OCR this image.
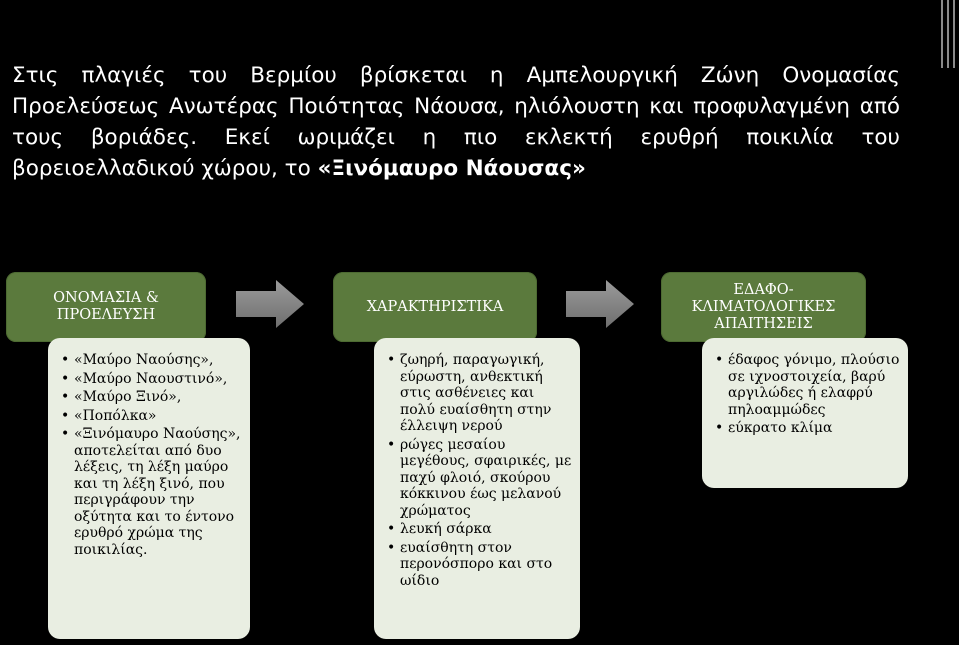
Στις πλαγιές του Βερμίου βρίσκεται η Αμπελουργική Ζώνη Ονομασίας Προελεύσεως Ανωτέρας Ποιότητας Νάουσα, ηλιόλουστη και προφυλαγμένη από τους βοριάδες. Εκεί ωριμάζει η πιο εκλεκτή ερυθρή ποικιλία του βορειοελλαδικού χώρου, το «Ξινόμαυρο Νάουσας»
ΟΝΟΜΑΣΙΑ & ΠΡΟΕΛΕΥΣΗ
• «Μαύρο Ναούσης»,
• «Μαύρο Ναουστινό»,
• «Μαύρο Ξινό»,
• «Ποπόλκα»
• «Ξινόμαυρο Ναούσης», αποτελείται από δυο λέξεις, τη λέξη μαύρο και τη λέξη ξινό, που περιγράφουν την οξύτητα και το έντονο ερυθρό χρώμα της ποικιλίας.
ΧΑΡΑΚΤΗΡΙΣΤΙΚΑ
• ζωηρή, παραγωγική, εύρωστη, ανθεκτική στις ασθένειες και πολύ ευαίσθητη στην έλλειψη νερού
• ρώγες μεσαίου μεγέθους, σφαιρικές, με παχύ φλοιό, σκούρου κόκκινου έως μελανού χρώματος
• λευκή σάρκα
• ευαίσθητη στον περονόσπορο και στο ωίδιο
ΕΔΑΦΟ-ΚΛΙΜΑΤΟΛΟΓΙΚΕΣ ΑΠΑΙΤΗΣΕΙΣ
• έδαφος γόνιμο, πλούσιο σε ιχνοστοιχεία, βαρύ αργιλώδες ή ελαφρύ πηλοαμμώδες
• εύκρατο κλίμα
